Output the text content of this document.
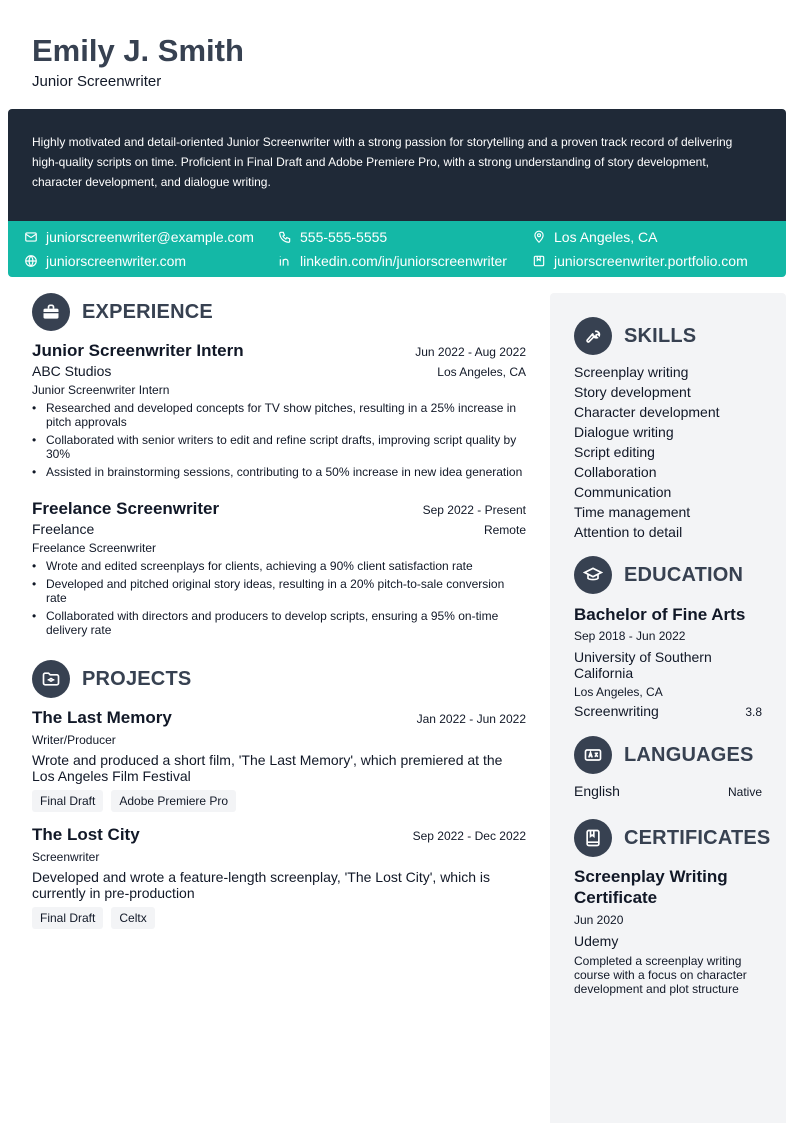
Emily J. Smith
Junior Screenwriter

Highly motivated and detail-oriented Junior Screenwriter with a strong passion for storytelling and a proven track record of delivering high-quality scripts on time. Proficient in Final Draft and Adobe Premiere Pro, with a strong understanding of story development, character development, and dialogue writing.

juniorscreenwriter@example.com	555-555-5555	Los Angeles, CA
juniorscreenwriter.com	linkedin.com/in/juniorscreenwriter	juniorscreenwriter.portfolio.com
EXPERIENCE
Junior Screenwriter Intern	Jun 2022 - Aug 2022
ABC Studios	Los Angeles, CA
Junior Screenwriter Intern
• Researched and developed concepts for TV show pitches, resulting in a 25% increase in pitch approvals
• Collaborated with senior writers to edit and refine script drafts, improving script quality by 30%
• Assisted in brainstorming sessions, contributing to a 50% increase in new idea generation
Freelance Screenwriter	Sep 2022 - Present
Freelance	Remote
Freelance Screenwriter
• Wrote and edited screenplays for clients, achieving a 90% client satisfaction rate
• Developed and pitched original story ideas, resulting in a 20% pitch-to-sale conversion rate
• Collaborated with directors and producers to develop scripts, ensuring a 95% on-time delivery rate
PROJECTS
The Last Memory	Jan 2022 - Jun 2022
Writer/Producer
Wrote and produced a short film, 'The Last Memory', which premiered at the Los Angeles Film Festival
Final Draft	Adobe Premiere Pro
The Lost City	Sep 2022 - Dec 2022
Screenwriter
Developed and wrote a feature-length screenplay, 'The Lost City', which is currently in pre-production
Final Draft	Celtx
SKILLS
Screenplay writing
Story development
Character development
Dialogue writing
Script editing
Collaboration
Communication
Time management
Attention to detail
EDUCATION
Bachelor of Fine Arts
Sep 2018 - Jun 2022
University of Southern California
Los Angeles, CA
Screenwriting	3.8
LANGUAGES
English	Native
CERTIFICATES
Screenplay Writing Certificate
Jun 2020
Udemy
Completed a screenplay writing course with a focus on character development and plot structure
